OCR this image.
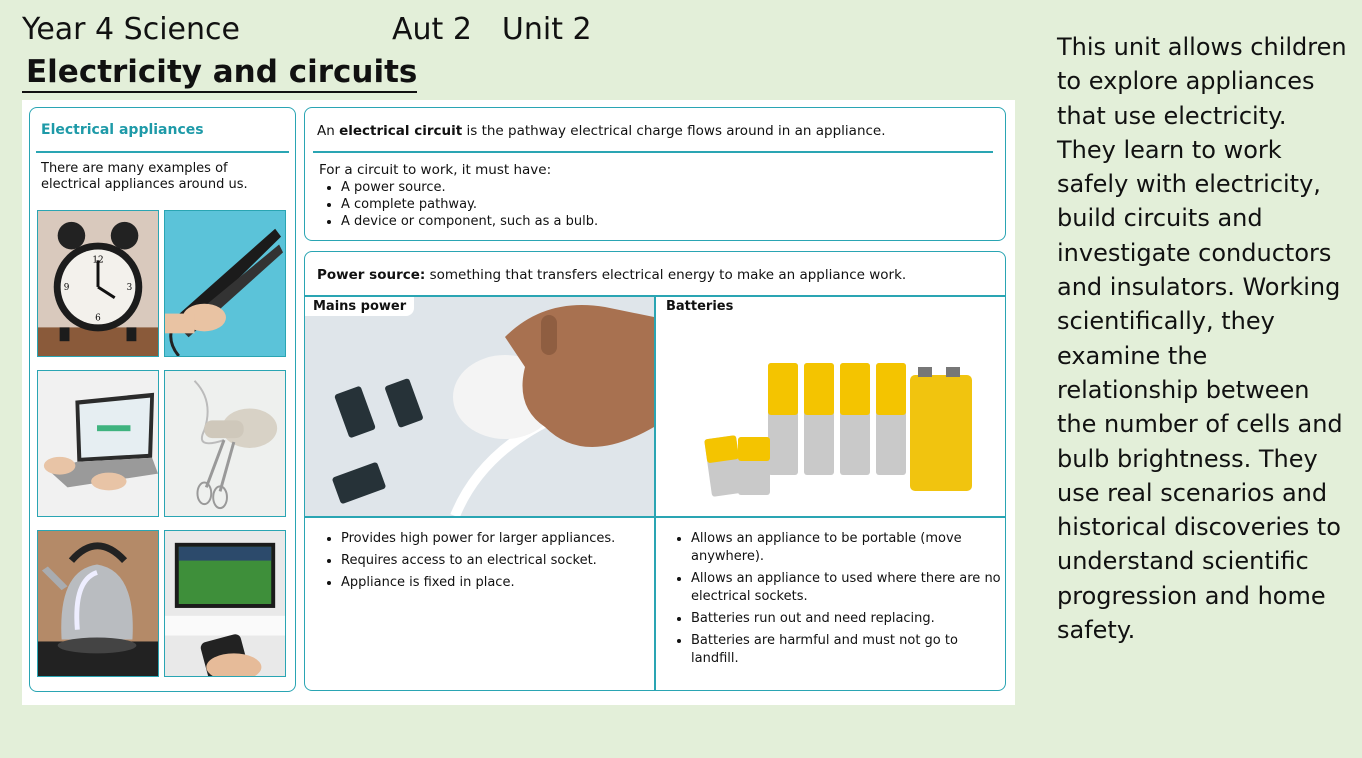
Year 4 Science	Aut 2 Unit 2
Electricity and circuits
Electrical appliances
There are many examples of electrical appliances around us.
12
3
6
9
An electrical circuit is the pathway electrical charge flows around in an appliance.
For a circuit to work, it must have:
• A power source.
• A complete pathway.
• A device or component, such as a bulb.
Power source: something that transfers electrical energy to make an appliance work.
Mains power	Batteries
• Provides high power for larger appliances.
• Requires access to an electrical socket.
• Appliance is fixed in place.
• Allows an appliance to be portable (move anywhere).
• Allows an appliance to used where there are no electrical sockets.
• Batteries run out and need replacing.
• Batteries are harmful and must not go to landfill.
This unit allows children to explore appliances that use electricity. They learn to work safely with electricity, build circuits and investigate conductors and insulators. Working scientifically, they examine the relationship between the number of cells and bulb brightness. They use real scenarios and historical discoveries to understand scientific progression and home safety.
